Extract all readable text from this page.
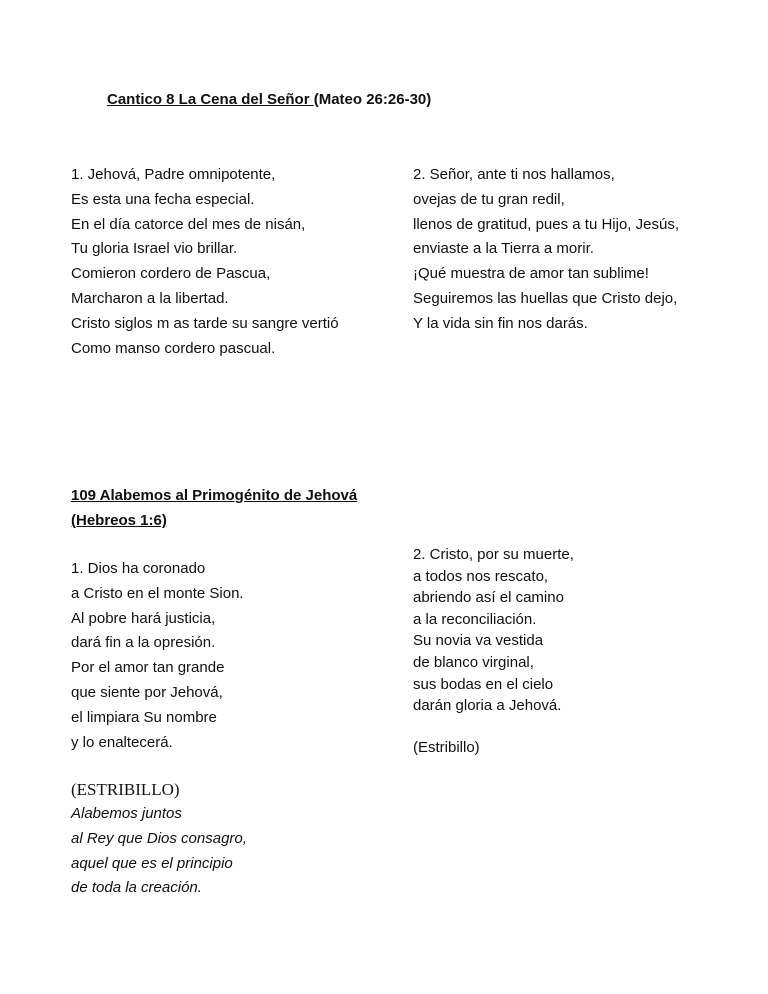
Cantico 8 La Cena del Señor (Mateo 26:26-30)
1. Jehová, Padre omnipotente,
Es esta una fecha especial.
En el día catorce del mes de nisán,
Tu gloria Israel vio brillar.
Comieron cordero de Pascua,
Marcharon a la libertad.
Cristo siglos m as tarde su sangre vertió
Como manso cordero pascual.
2. Señor, ante ti nos hallamos,
ovejas de tu gran redil,
llenos de gratitud, pues a tu Hijo, Jesús,
enviaste a la Tierra a morir.
¡Qué muestra de amor tan sublime!
Seguiremos las huellas que Cristo dejo,
Y la vida sin fin nos darás.
109 Alabemos al Primogénito de Jehová
(Hebreos 1:6)
1. Dios ha coronado
a Cristo en el monte Sion.
Al pobre hará justicia,
dará fin a la opresión.
Por el amor tan grande
que siente por Jehová,
el limpiara Su nombre
y lo enaltecerá.
(ESTRIBILLO)
Alabemos juntos
al Rey que Dios consagro,
aquel que es el principio
de toda la creación.
2. Cristo, por su muerte,
a todos nos rescato,
abriendo así el camino
a la reconciliación.
Su novia va vestida
de blanco virginal,
sus bodas en el cielo
darán gloria a Jehová.
(Estribillo)
